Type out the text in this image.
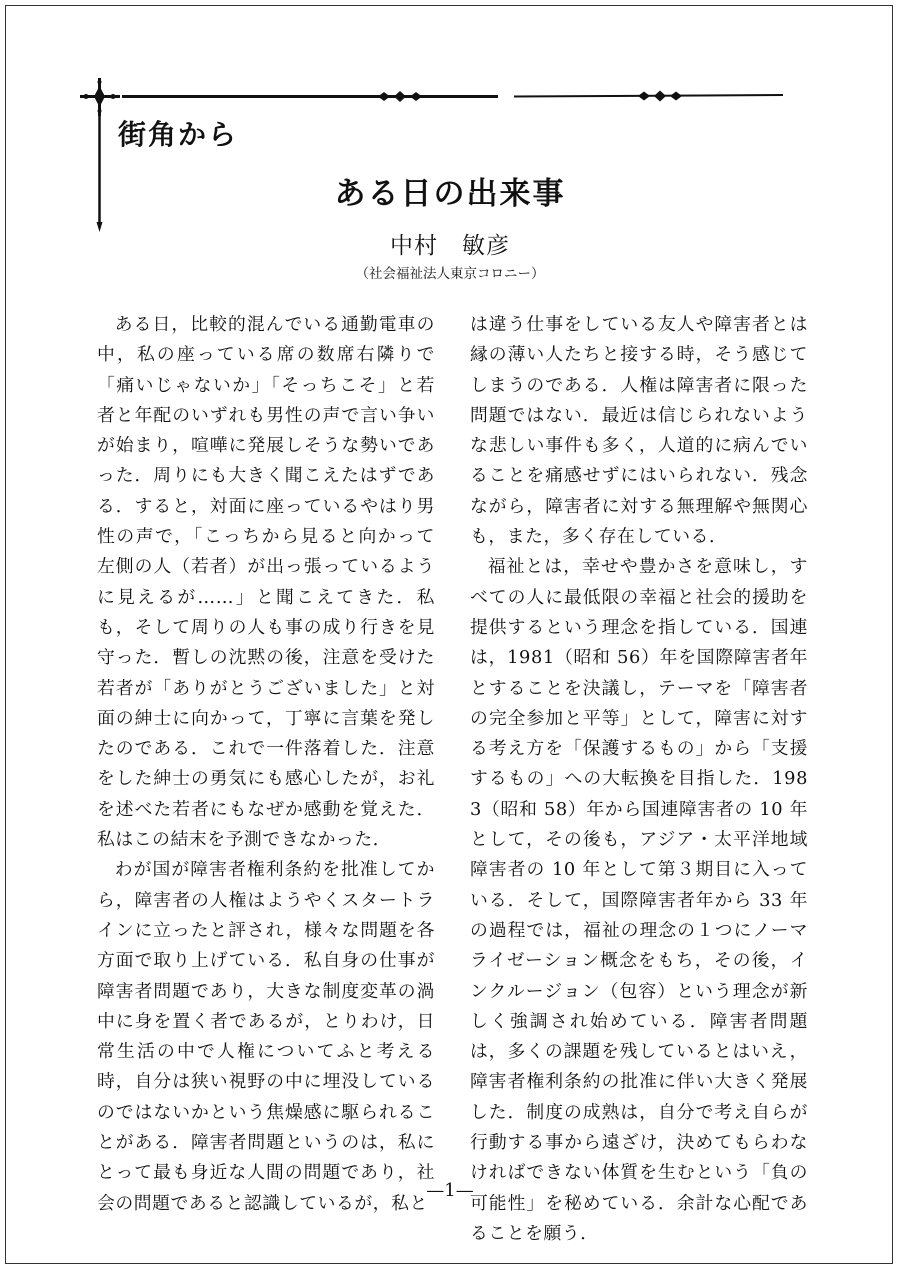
街角から
ある日の出来事
中村　敏彦
（社会福祉法人東京コロニー）

ある日，比較的混んでいる通勤電車の中，私の座っている席の数席右隣りで「痛いじゃないか」「そっちこそ」と若者と年配のいずれも男性の声で言い争いが始まり，喧嘩に発展しそうな勢いであった．周りにも大きく聞こえたはずである．すると，対面に座っているやはり男性の声で，「こっちから見ると向かって左側の人（若者）が出っ張っているように見えるが……」と聞こえてきた．私も，そして周りの人も事の成り行きを見守った．暫しの沈黙の後，注意を受けた若者が「ありがとうございました」と対面の紳士に向かって，丁寧に言葉を発したのである．これで一件落着した．注意をした紳士の勇気にも感心したが，お礼を述べた若者にもなぜか感動を覚えた．私はこの結末を予測できなかった．

わが国が障害者権利条約を批准してから，障害者の人権はようやくスタートラインに立ったと評され，様々な問題を各方面で取り上げている．私自身の仕事が障害者問題であり，大きな制度変革の渦中に身を置く者であるが，とりわけ，日常生活の中で人権についてふと考える時，自分は狭い視野の中に埋没しているのではないかという焦燥感に駆られることがある．障害者問題というのは，私にとって最も身近な人間の問題であり，社会の問題であると認識しているが，私と

は違う仕事をしている友人や障害者とは縁の薄い人たちと接する時，そう感じてしまうのである．人権は障害者に限った問題ではない．最近は信じられないような悲しい事件も多く，人道的に病んでいることを痛感せずにはいられない．残念ながら，障害者に対する無理解や無関心も，また，多く存在している．

福祉とは，幸せや豊かさを意味し，すべての人に最低限の幸福と社会的援助を提供するという理念を指している．国連は，1981（昭和 56）年を国際障害者年とすることを決議し，テーマを「障害者の完全参加と平等」として，障害に対する考え方を「保護するもの」から「支援するもの」への大転換を目指した．1983（昭和 58）年から国連障害者の 10 年として，その後も，アジア・太平洋地域障害者の 10 年として第３期目に入っている．そして，国際障害者年から 33 年の過程では，福祉の理念の１つにノーマライゼーション概念をもち，その後，インクルージョン（包容）という理念が新しく強調され始めている．障害者問題は，多くの課題を残しているとはいえ，障害者権利条約の批准に伴い大きく発展した．制度の成熟は，自分で考え自らが行動する事から遠ざけ，決めてもらわなければできない体質を生むという「負の可能性」を秘めている．余計な心配であることを願う．

—1—
